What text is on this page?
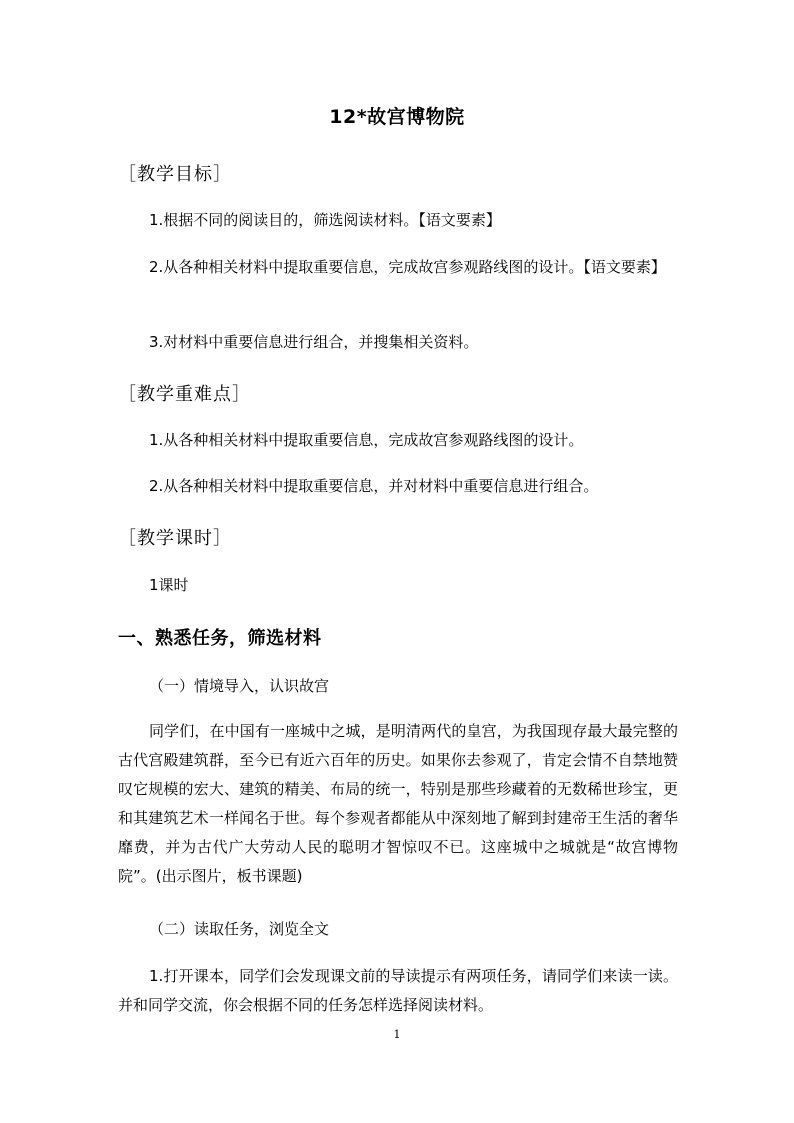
12*故宫博物院
［教学目标］
1.根据不同的阅读目的，筛选阅读材料。【语文要素】

2.从各种相关材料中提取重要信息，完成故宫参观路线图的设计。【语文要素】

3.对材料中重要信息进行组合，并搜集相关资料。
［教学重难点］
1.从各种相关材料中提取重要信息，完成故宫参观路线图的设计。
2.从各种相关材料中提取重要信息，并对材料中重要信息进行组合。
［教学课时］
1课时
一、熟悉任务，筛选材料
（一）情境导入，认识故宫

同学们，在中国有一座城中之城，是明清两代的皇宫，为我国现存最大最完整的古代宫殿建筑群，至今已有近六百年的历史。如果你去参观了，肯定会情不自禁地赞叹它规模的宏大、建筑的精美、布局的统一，特别是那些珍藏着的无数稀世珍宝，更和其建筑艺术一样闻名于世。每个参观者都能从中深刻地了解到封建帝王生活的奢华靡费，并为古代广大劳动人民的聪明才智惊叹不已。这座城中之城就是“故宫博物院”。(出示图片，板书课题)

（二）读取任务，浏览全文

1.打开课本，同学们会发现课文前的导读提示有两项任务，请同学们来读一读。并和同学交流，你会根据不同的任务怎样选择阅读材料。

1
